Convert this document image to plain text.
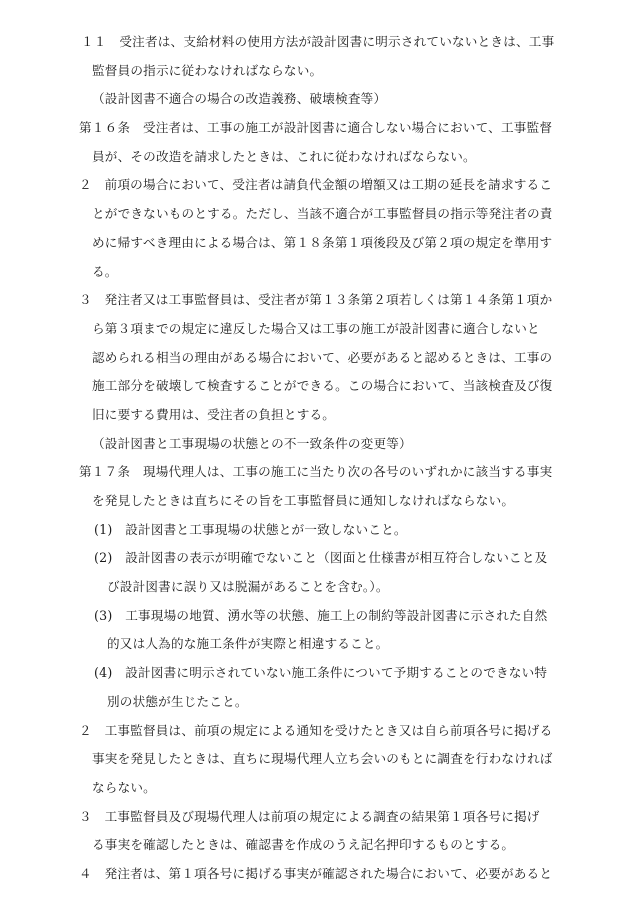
１１　受注者は、支給材料の使用方法が設計図書に明示されていないときは、工事
監督員の指示に従わなければならない。
（設計図書不適合の場合の改造義務、破壊検査等）
第１６条　受注者は、工事の施工が設計図書に適合しない場合において、工事監督
員が、その改造を請求したときは、これに従わなければならない。
２　前項の場合において、受注者は請負代金額の増額又は工期の延長を請求するこ
とができないものとする。ただし、当該不適合が工事監督員の指示等発注者の責
めに帰すべき理由による場合は、第１８条第１項後段及び第２項の規定を準用す
る。
３　発注者又は工事監督員は、受注者が第１３条第２項若しくは第１４条第１項か
ら第３項までの規定に違反した場合又は工事の施工が設計図書に適合しないと
認められる相当の理由がある場合において、必要があると認めるときは、工事の
施工部分を破壊して検査することができる。この場合において、当該検査及び復
旧に要する費用は、受注者の負担とする。
（設計図書と工事現場の状態との不一致条件の変更等）
第１７条　現場代理人は、工事の施工に当たり次の各号のいずれかに該当する事実
を発見したときは直ちにその旨を工事監督員に通知しなければならない。
(1)　設計図書と工事現場の状態とが一致しないこと。
(2)　設計図書の表示が明確でないこと（図面と仕様書が相互符合しないこと及
び設計図書に誤り又は脱漏があることを含む。）。
(3)　工事現場の地質、湧水等の状態、施工上の制約等設計図書に示された自然
的又は人為的な施工条件が実際と相違すること。
(4)　設計図書に明示されていない施工条件について予期することのできない特
別の状態が生じたこと。
２　工事監督員は、前項の規定による通知を受けたとき又は自ら前項各号に掲げる
事実を発見したときは、直ちに現場代理人立ち会いのもとに調査を行わなければ
ならない。
３　工事監督員及び現場代理人は前項の規定による調査の結果第１項各号に掲げ
る事実を確認したときは、確認書を作成のうえ記名押印するものとする。
４　発注者は、第１項各号に掲げる事実が確認された場合において、必要があると
